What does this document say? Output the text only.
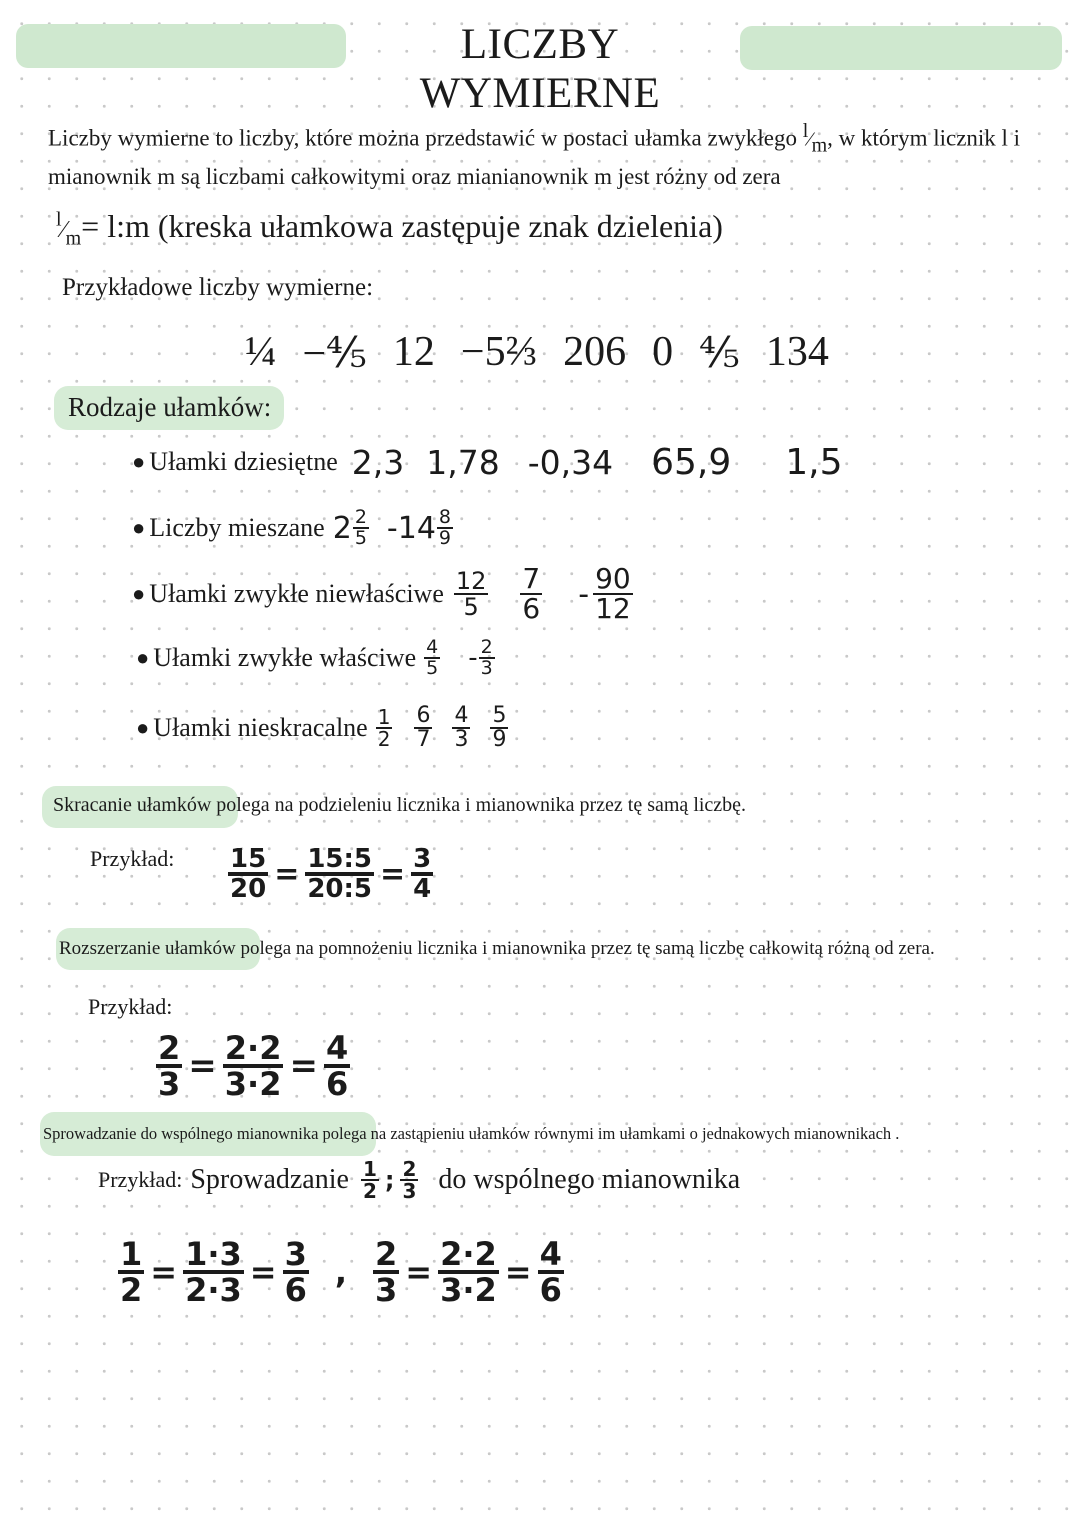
LICZBY WYMIERNE
Liczby wymierne to liczby, które można przedstawić w postaci ułamka zwykłego $^l⁄_m$, w którym licznik l i mianownik m są liczbami całkowitymi oraz mianianownik m jest różny od zera
$^l⁄_m=$ l:m (kreska ułamkowa zastępuje znak dzielenia)
Przykładowe liczby wymierne:
¼ −⅘ 12 −5⅔ 206 0 ⅘ 134
Rodzaje ułamków:
● Ułamki dziesiętne 2,3 1,78 -0,34 65,9 1,5
● Liczby mieszane $2 \frac{2}{5} -14 \frac{8}{9}$
● Ułamki zwykłe niewłaściwe $\frac{12}{5} \frac{7}{6} - \frac{90}{12}$
● Ułamki zwykłe właściwe $\frac{4}{5} - \frac{2}{3}$
● Ułamki nieskracalne $\frac{1}{2} \frac{6}{7} \frac{4}{3} \frac{5}{9}$
Skracanie ułamków polega na podzieleniu licznika i mianownika przez tę samą liczbę.
Przykład: $\frac{15}{20} = \frac{15:5}{20:5} = \frac{3}{4}$
Rozszerzanie ułamków polega na pomnożeniu licznika i mianownika przez tę samą liczbę całkowitą różną od zera.
Przykład:
$\frac{2}{3} = \frac{2\cdot 2}{3\cdot 2} = \frac{4}{6}$
Sprowadzanie do wspólnego mianownika polega na zastąpieniu ułamków równymi im ułamkami o jednakowych mianownikach .
Przykład: Sprowadzanie $\frac{1}{2}$ ; $\frac{2}{3}$ do wspólnego mianownika
$\frac{1}{2} = \frac{1\cdot 3}{2\cdot 3} = \frac{3}{6}$ , $\frac{2}{3} = \frac{2\cdot 2}{3\cdot 2} = \frac{4}{6}$
